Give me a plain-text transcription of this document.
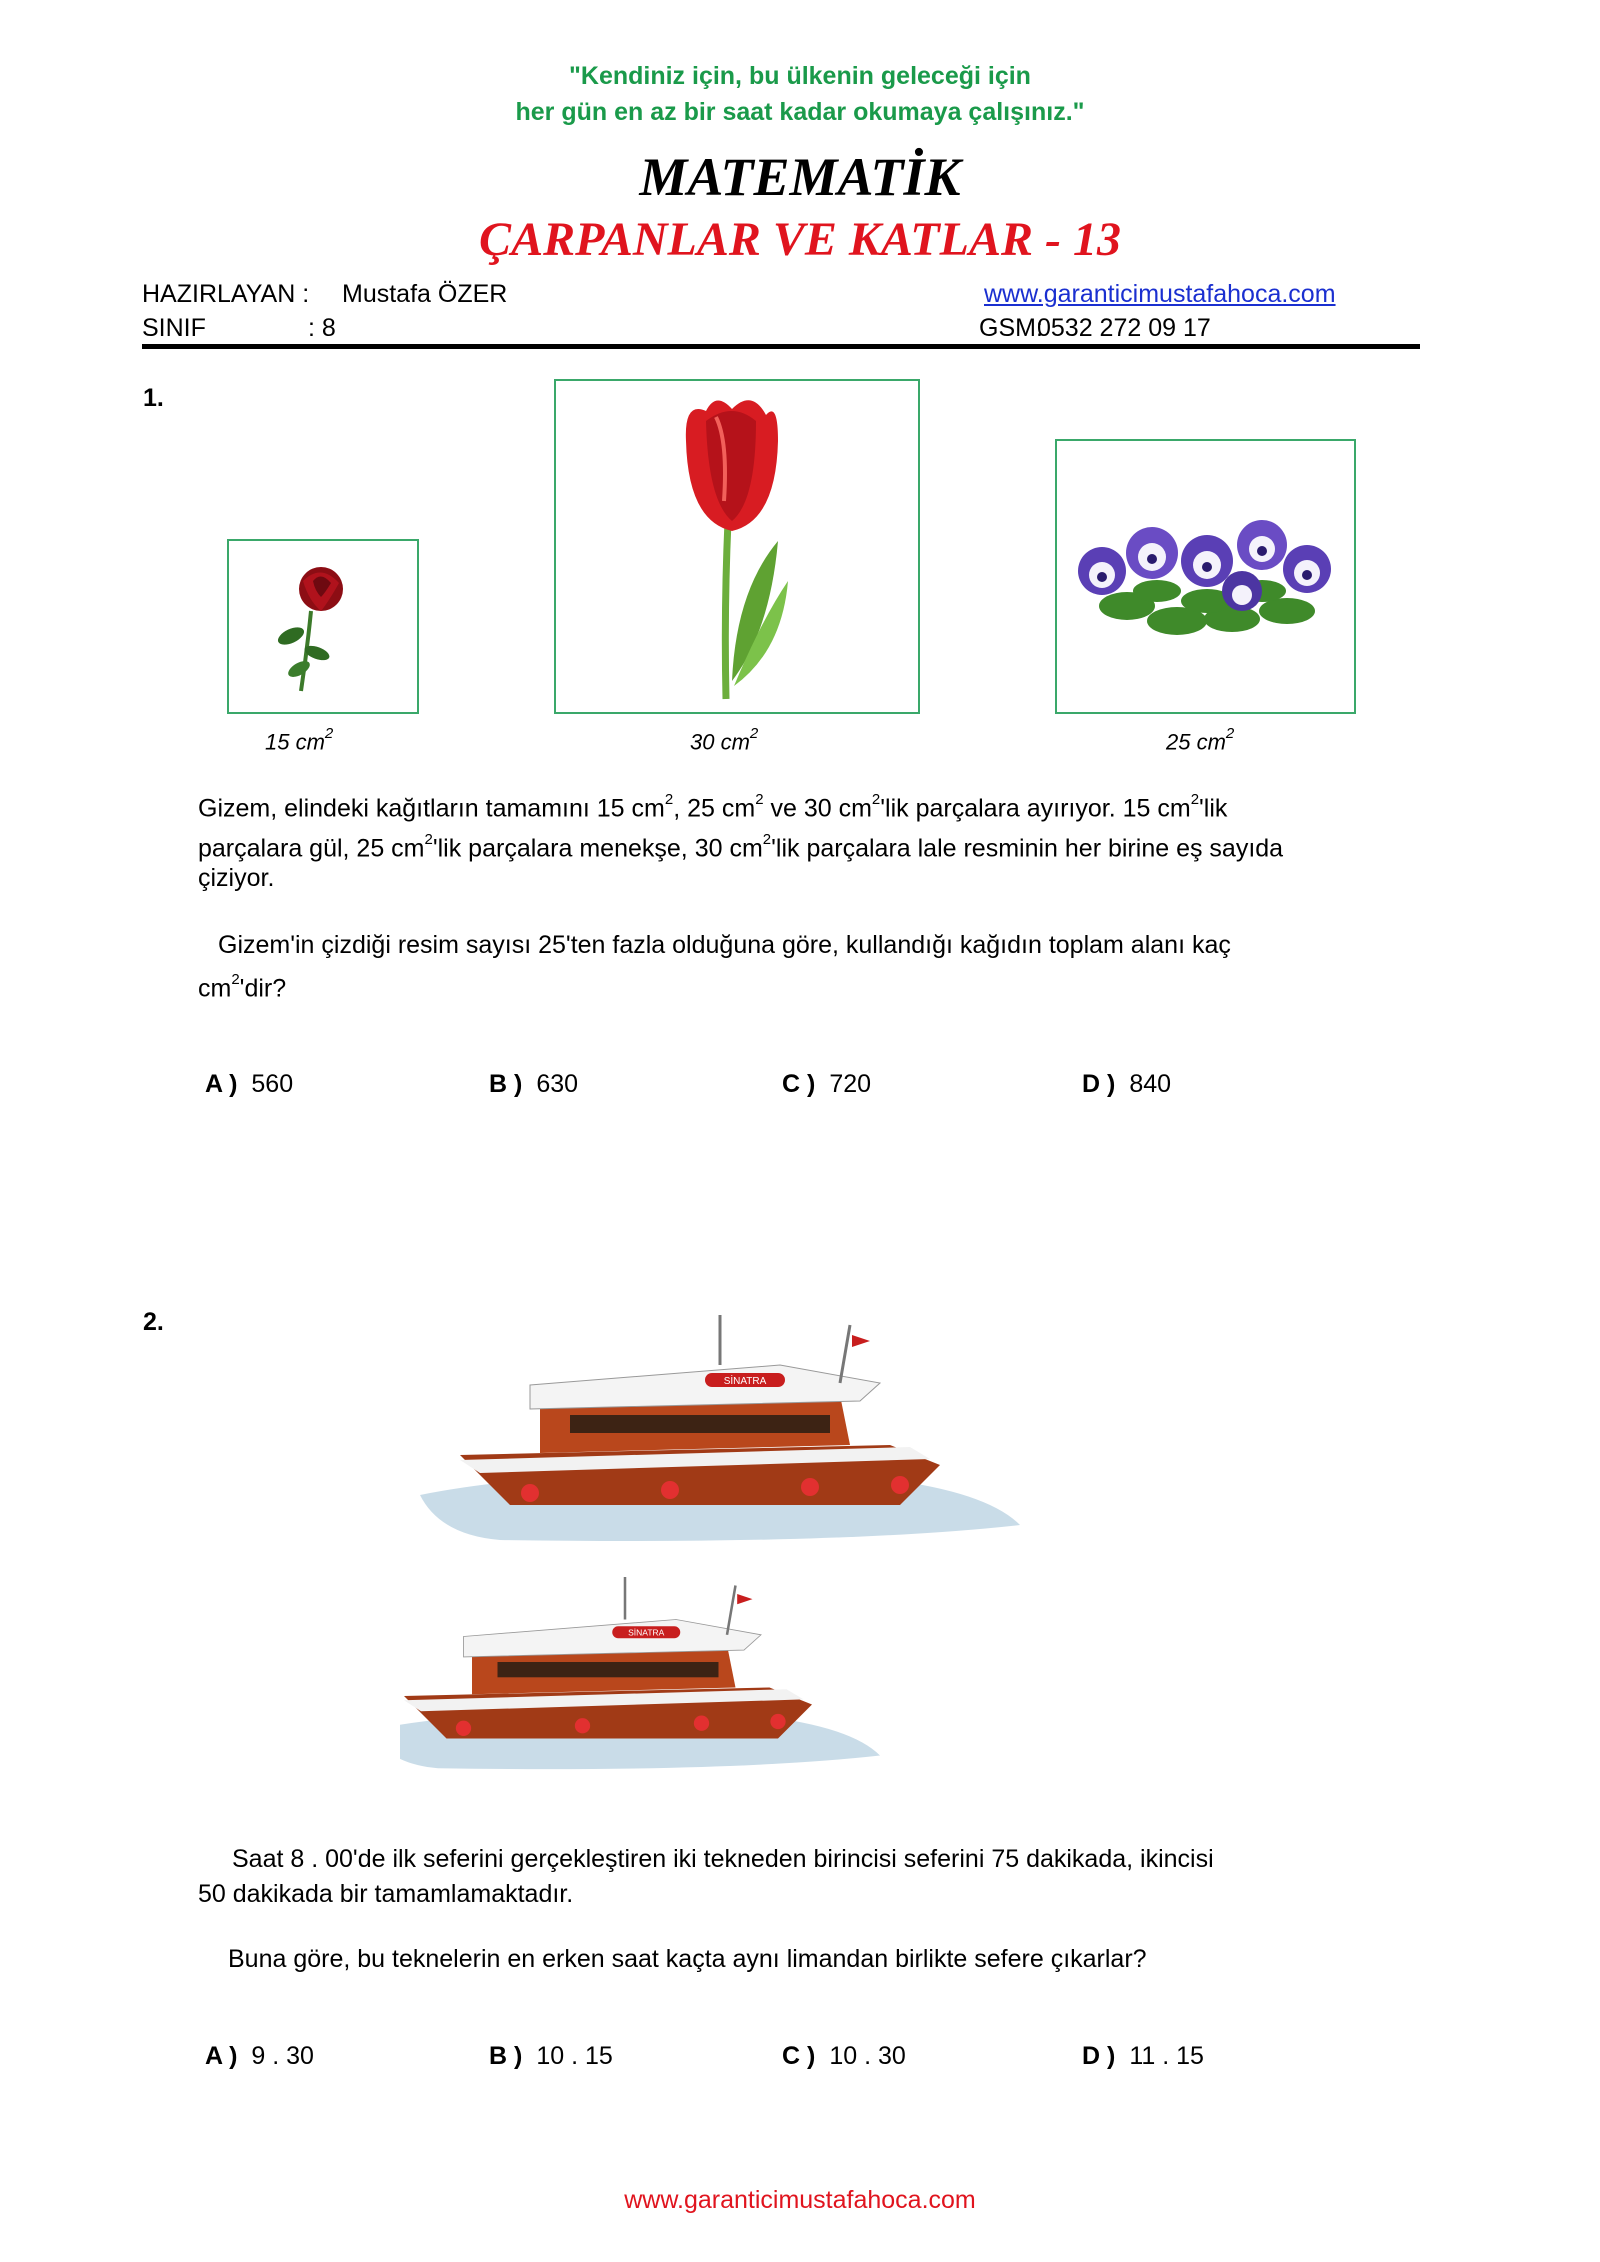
"Kendiniz için, bu ülkenin geleceği için
her gün en az bir saat kadar okumaya çalışınız."
MATEMATİK
ÇARPANLAR VE KATLAR - 13
HAZIRLAYAN : Mustafa ÖZER
SINIF	: 8
www.garanticimustafahoca.com
GSM:
0532 272 09 17
1.
15 $cm^2$	30 $cm^2$	25 $cm^2$
Gizem, elindeki kağıtların tamamını 15 $cm^2$, 25 $cm^2$ ve 30 $cm^2'lik$ parçalara ayırıyor. 15 $cm^2'lik$
parçalara gül, 25 $cm^2'lik$ parçalara menekşe, 30 $cm^2'lik$ parçalara lale resminin her birine eş sayıda
çiziyor.
Gizem'in çizdiği resim sayısı 25'ten fazla olduğuna göre, kullandığı kağıdın toplam alanı kaç
$cm^2'dir$?
A ) 560	B ) 630	C ) 720	D ) 840
2.
Saat 8 . 00'de ilk seferini gerçekleştiren iki tekneden birincisi seferini 75 dakikada, ikincisi
50 dakikada bir tamamlamaktadır.
Buna göre, bu teknelerin en erken saat kaçta aynı limandan birlikte sefere çıkarlar?
A ) 9 . 30	B ) 10 . 15	C ) 10 . 30	D ) 11 . 15
www.garanticimustafahoca.com
